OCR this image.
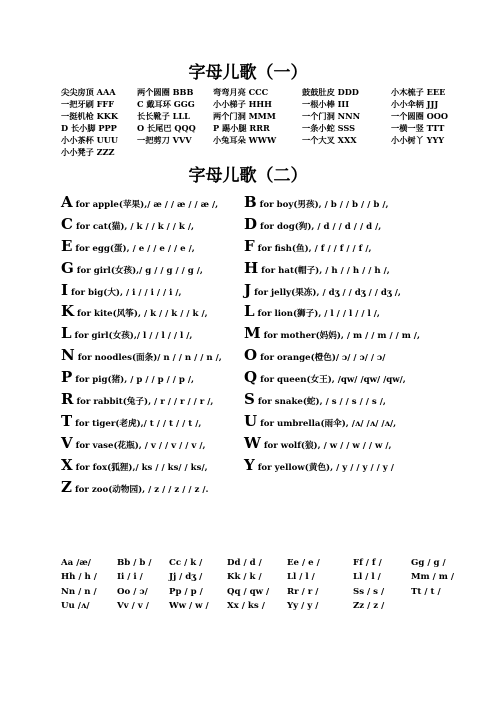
字母儿歌（一）
尖尖房顶 AAA	两个圆圈 BBB 弯弯月亮 CCC	鼓鼓肚皮 DDD	小木梳子 EEE
一把牙刷 FFF	C 戴耳环 GGG 小小梯子 HHH	一根小棒 III	小小伞柄 JJJ
一挺机枪 KKK 长长靴子 LLL	两个门洞 MMM	一个门洞 NNN	一个圆圈 OOO
D 长小脚 PPP O 长尾巴 QQQ P 踢小腿 RRR	一条小蛇 SSS	一横一竖 TTT
小小茶杯 UUU 一把剪刀 VVV	小兔耳朵 WWW	一个大叉 XXX	小小树丫 YYY
小小凳子 ZZZ
字母儿歌（二）
A for apple(苹果),/ æ / / æ / / æ /, B for boy(男孩), / b / / b / / b /,
C for cat(猫), / k / / k / / k /,	D for dog(狗), / d / / d / / d /,
E for egg(蛋), / e / / e / / e /,	F for fish(鱼), / f / / f / / f /,
G for girl(女孩),/ g / / g / / g /,	H for hat(帽子), / h / / h / / h /,
I for big(大), / i / / i / / i /,	J for jelly(果冻), / dʒ / / dʒ / / dʒ /,
K for kite(风筝), / k / / k / / k /, L for lion(狮子), / l / / l / / l /,
L for girl(女孩),/ l / / l / / l /,	M for mother(妈妈), / m / / m / / m /,
N for noodles(面条)/ n / / n / / n /, O for orange(橙色)/ ɔ/ / ɔ/ / ɔ/
P for pig(猪), / p / / p / / p /,	Q for queen(女王), /qw/ /qw/ /qw/,
R for rabbit(兔子), / r / / r / / r /, S for snake(蛇), / s / / s / / s /,
T for tiger(老虎),/ t / / t / / t /,	U for umbrella(雨伞), /ʌ/ /ʌ/ /ʌ/,
V for vase(花瓶), / v / / v / / v /,	W for wolf(狼), / w / / w / / w /,
X for fox(狐狸),/ ks / / ks/ / ks/, Y for yellow(黄色), / y / / y / / y /
Z for zoo(动物园), / z / / z / / z /.
Aa /æ/	Bb / b / Cc / k /	Dd / d /	Ee / e /	Ff / f /	Gg / g /
Hh / h / Ii / i /	Jj / dʒ /	Kk / k /	Ll / l /	Ll / l /	Mm / m /
Nn / n / Oo / ɔ/ Pp / p /	Qq / qw / Rr / r /	Ss / s /	Tt / t /
Uu /ʌ/	Vv / v / Ww / w / Xx / ks /	Yy / y /	Zz / z /
